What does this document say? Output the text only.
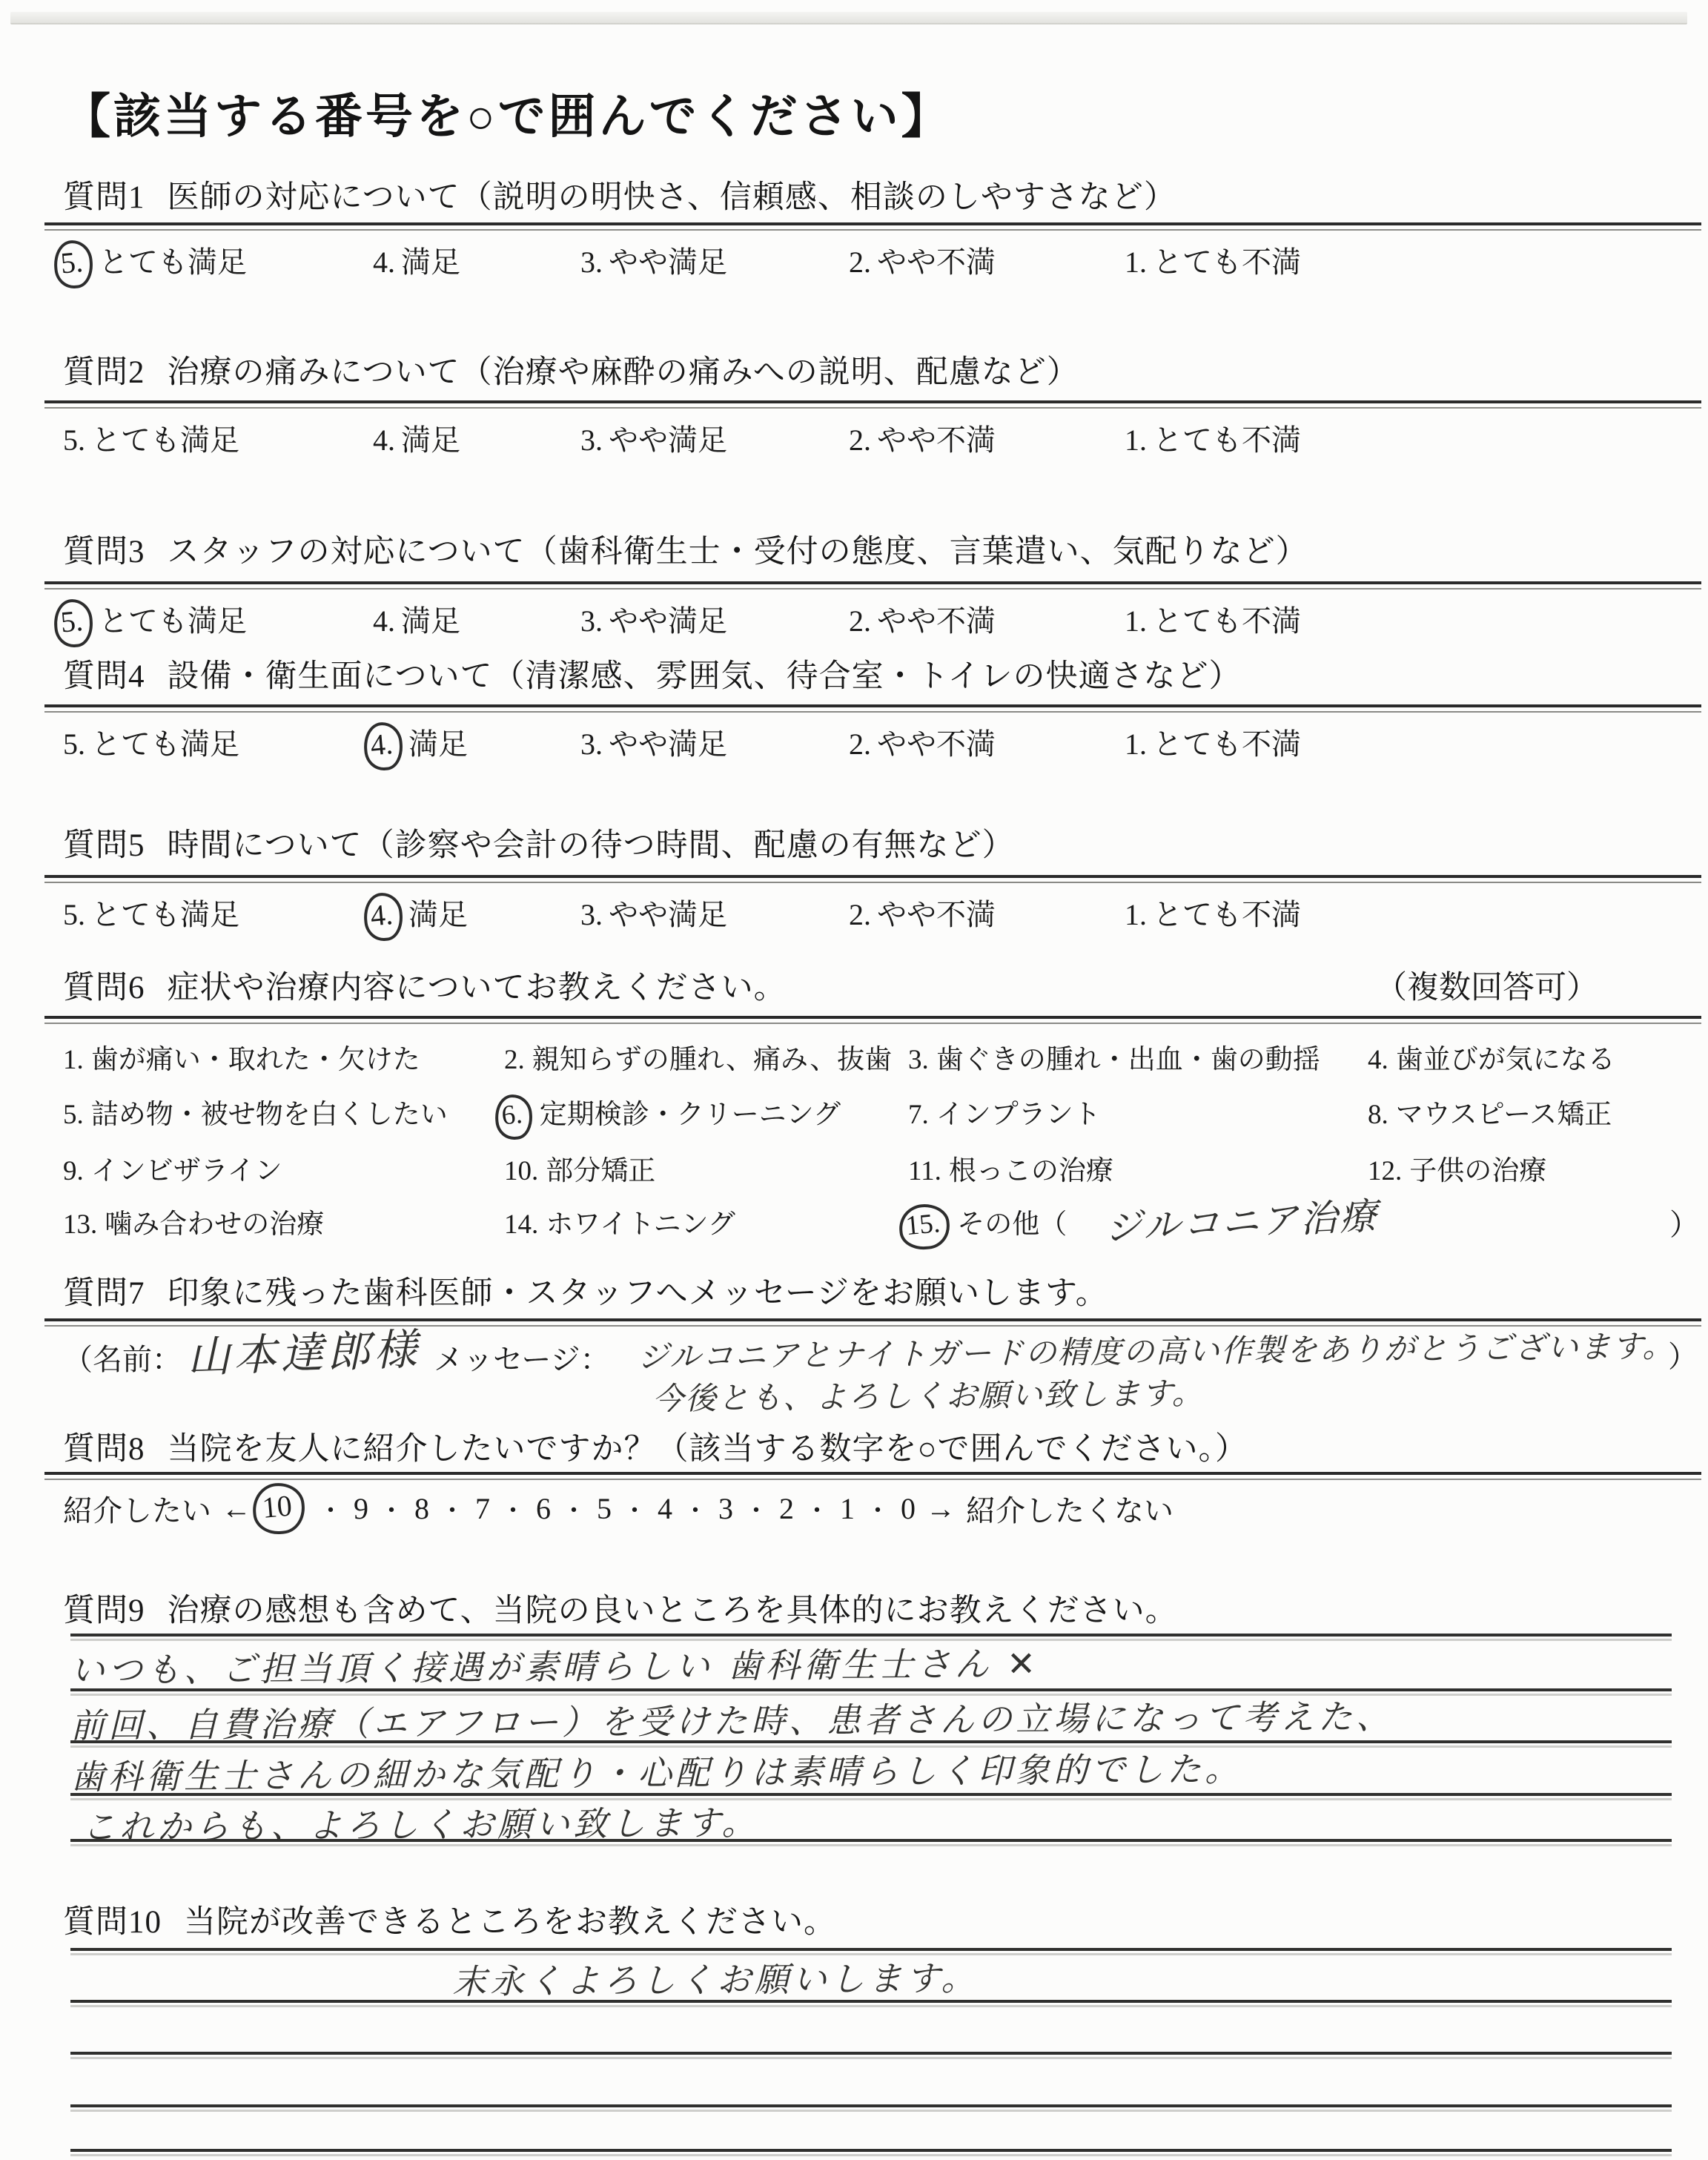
【該当する番号を○で囲んでください】
質問1 医師の対応について（説明の明快さ、信頼感、相談のしやすさなど）
5. とても満足	4. 満足	3. やや満足	2. やや不満	1. とても不満
質問2 治療の痛みについて（治療や麻酔の痛みへの説明、配慮など）
5. とても満足	4. 満足	3. やや満足	2. やや不満	1. とても不満
質問3 スタッフの対応について（歯科衛生士・受付の態度、言葉遣い、気配りなど）
5. とても満足	4. 満足	3. やや満足	2. やや不満	1. とても不満
質問4 設備・衛生面について（清潔感、雰囲気、待合室・トイレの快適さなど）
5. とても満足	4. 満足	3. やや満足	2. やや不満	1. とても不満
質問5 時間について（診察や会計の待つ時間、配慮の有無など）
5. とても満足	4. 満足	3. やや満足	2. やや不満	1. とても不満
質問6 症状や治療内容についてお教えください。	（複数回答可）
1. 歯が痛い・取れた・欠けた	2. 親知らずの腫れ、痛み、抜歯 3. 歯ぐきの腫れ・出血・歯の動揺 4. 歯並びが気になる
5. 詰め物・被せ物を白くしたい 6. 定期検診・クリーニング 7. インプラント	8. マウスピース矯正
9. インビザライン	10. 部分矯正	11. 根っこの治療	12. 子供の治療
13. 噛み合わせの治療	14. ホワイトニング	15. その他（ ジルコニア治療	）
質問7 印象に残った歯科医師・スタッフへメッセージをお願いします。
（名前： 山本達郎様 メッセージ： ジルコニアとナイトガードの精度の高い作製をありがとうございます。
）
今後とも、よろしくお願い致します。
質問8 当院を友人に紹介したいですか？（該当する数字を○で囲んでください。）
紹介したい ← 10 ・ 9 ・ 8 ・ 7 ・ 6 ・ 5 ・ 4 ・ 3 ・ 2 ・ 1 ・ 0 → 紹介したくない
質問9 治療の感想も含めて、当院の良いところを具体的にお教えください。
いつも、ご担当頂く接遇が素晴らしい 歯科衛生士さん ✕
前回、自費治療（エアフロー）を受けた時、患者さんの立場になって考えた、
歯科衛生士さんの細かな気配り・心配りは素晴らしく印象的でした。
これからも、よろしくお願い致します。
質問10 当院が改善できるところをお教えください。
末永くよろしくお願いします。
